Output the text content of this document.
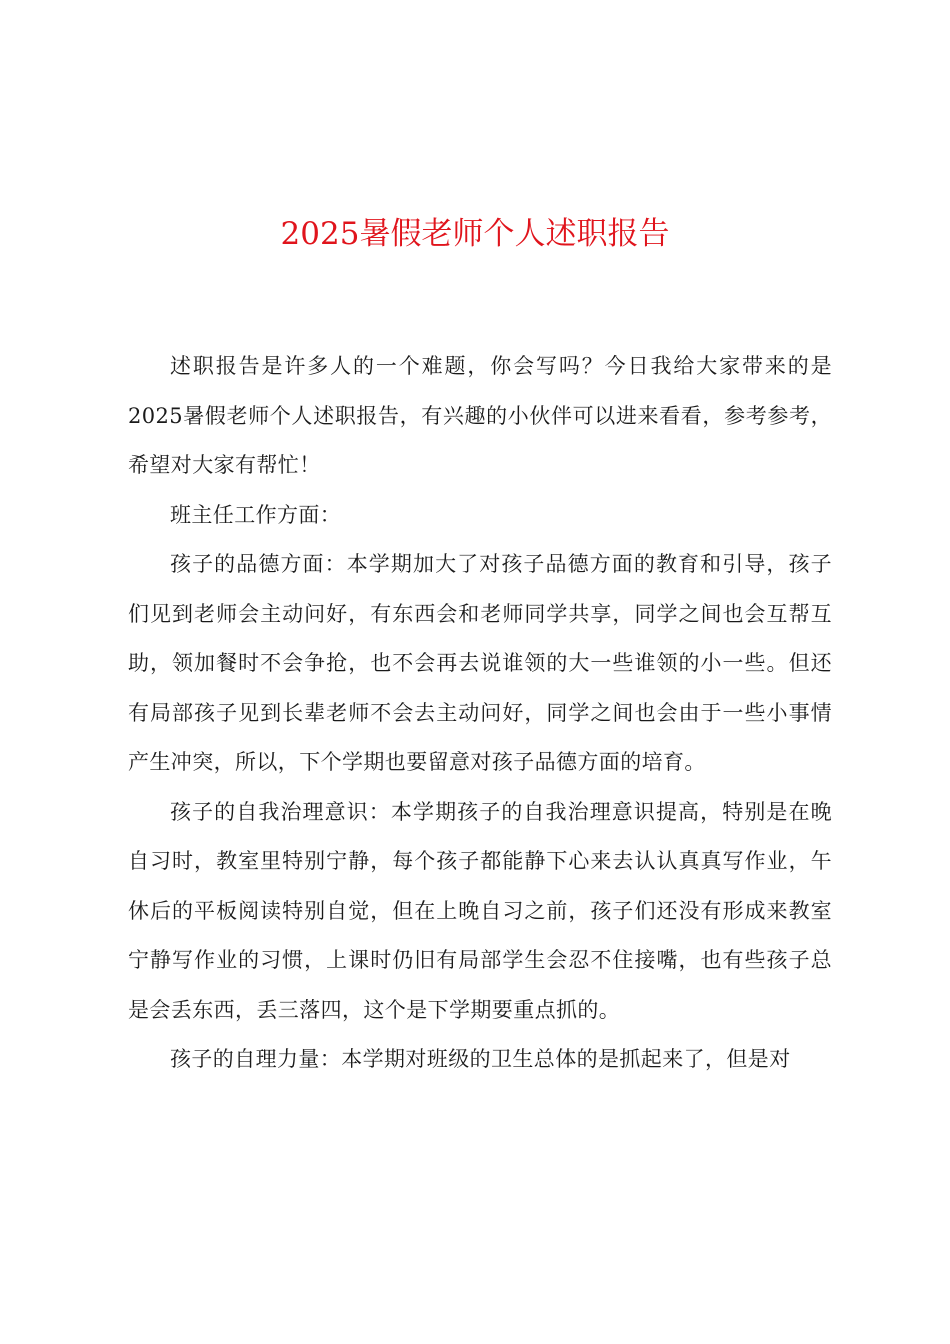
2025暑假老师个人述职报告

述职报告是许多人的一个难题，你会写吗？今日我给大家带来的是2025暑假老师个人述职报告，有兴趣的小伙伴可以进来看看，参考参考，希望对大家有帮忙！

班主任工作方面：

孩子的品德方面：本学期加大了对孩子品德方面的教育和引导，孩子们见到老师会主动问好，有东西会和老师同学共享，同学之间也会互帮互助，领加餐时不会争抢，也不会再去说谁领的大一些谁领的小一些。但还有局部孩子见到长辈老师不会去主动问好，同学之间也会由于一些小事情产生冲突，所以，下个学期也要留意对孩子品德方面的培育。

孩子的自我治理意识：本学期孩子的自我治理意识提高，特别是在晚自习时，教室里特别宁静，每个孩子都能静下心来去认认真真写作业，午休后的平板阅读特别自觉，但在上晚自习之前，孩子们还没有形成来教室宁静写作业的习惯，上课时仍旧有局部学生会忍不住接嘴，也有些孩子总是会丢东西，丢三落四，这个是下学期要重点抓的。

孩子的自理力量：本学期对班级的卫生总体的是抓起来了，但是对
